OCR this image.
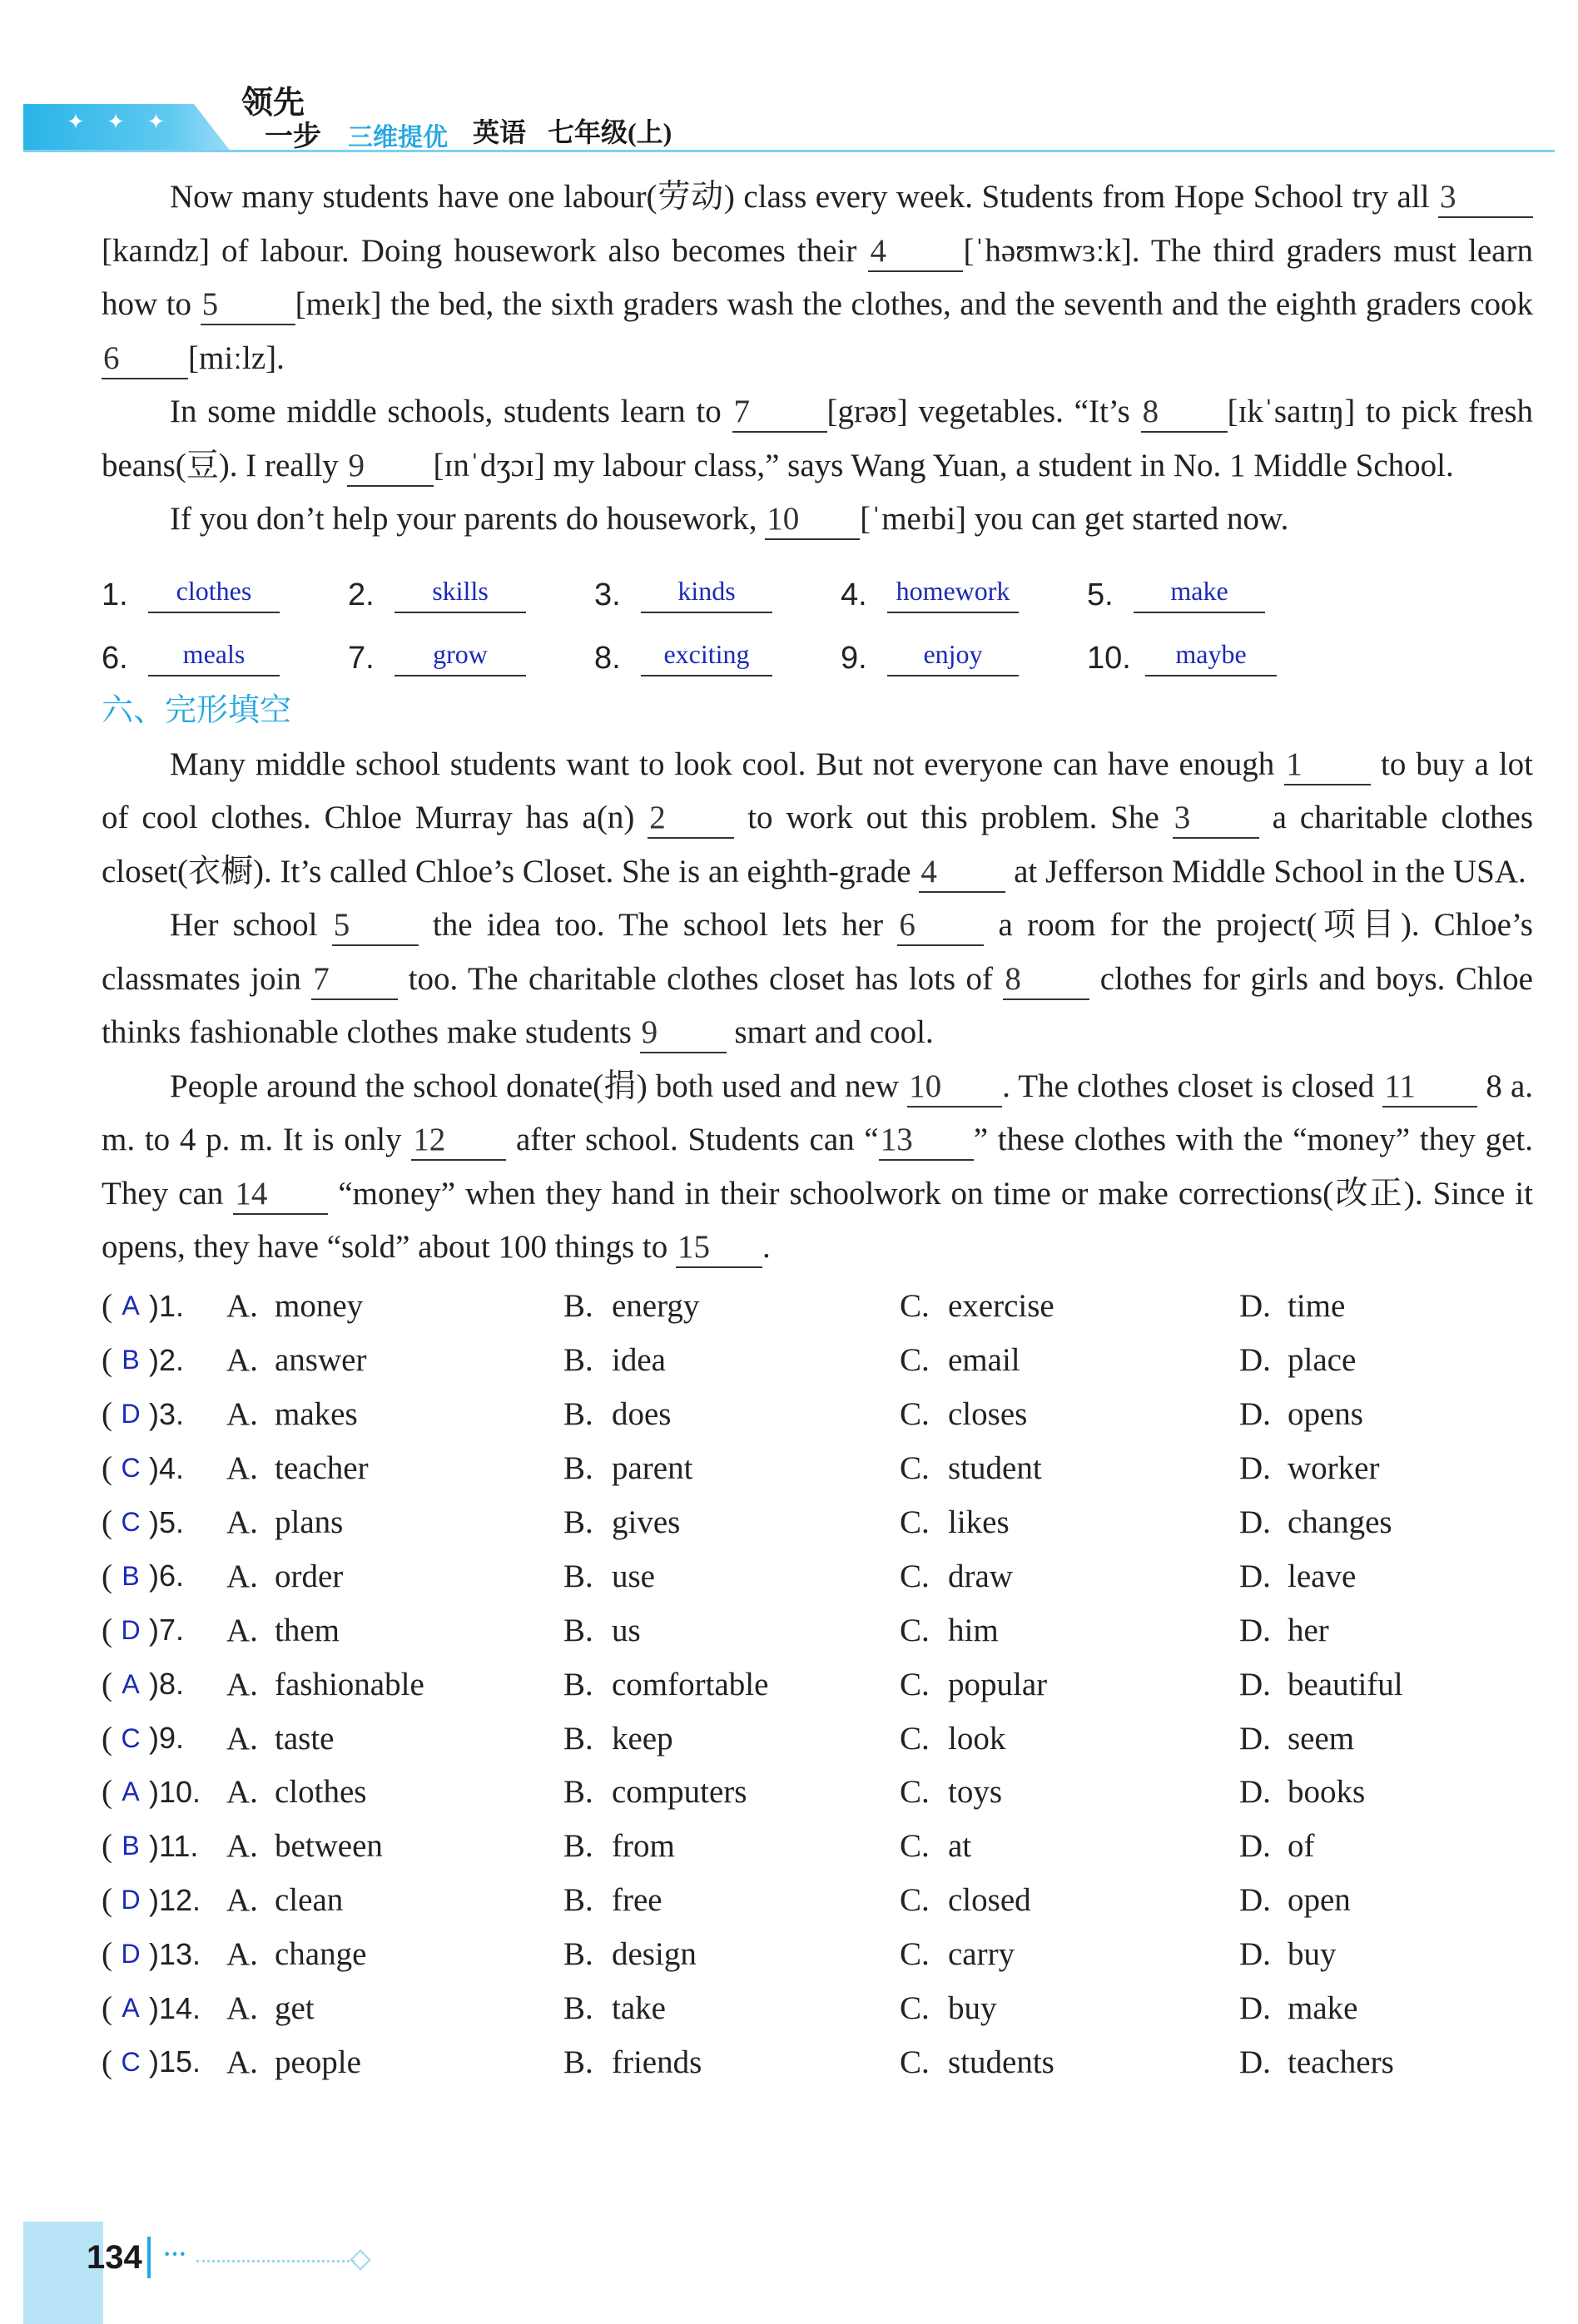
✦ ✦ ✦
领先
一步 三维提优 英语 七年级(上)

Now many students have one labour(劳动) class every week. Students from Hope School try all 3[kaɪndz] of labour. Doing housework also becomes their 4 [ˈhəʊmwɜːk]. The third graders must learn how to 5 [meɪk] the bed, the sixth graders wash the clothes, and the seventh and the eighth graders cook 6 [miːlz].

In some middle schools, students learn to 7 [grəʊ] vegetables. “It’s 8 [ɪkˈsaɪtɪŋ] to pick fresh beans(豆). I really 9 [ɪnˈdʒɔɪ] my labour class,” says Wang Yuan, a student in No. 1 Middle School.

If you don’t help your parents do housework, 10 [ˈmeɪbi] you can get started now.

1.	clothes	2.	skills	3.	kinds	4.	homework 5.	make
6.	meals	7.	grow	8.	exciting	9.	enjoy	10.	maybe
六、完形填空

Many middle school students want to look cool. But not everyone can have enough 1 to buy a lot of cool clothes. Chloe Murray has a(n) 2 to work out this problem. She 3 a charitable clothes closet(衣橱). It’s called Chloe’s Closet. She is an eighth-grade 4 at Jefferson Middle School in the USA.

Her school 5 the idea too. The school lets her 6 a room for the project(项目). Chloe’s classmates join 7 too. The charitable clothes closet has lots of 8 clothes for girls and boys. Chloe thinks fashionable clothes make students 9 smart and cool.

People around the school donate(捐) both used and new 10 . The clothes closet is closed 11 8 a. m. to 4 p. m. It is only 12 after school. Students can “13 ” these clothes with the “money” they get. They can 14 “money” when they hand in their schoolwork on time or make corrections(改正). Since it opens, they have “sold” about 100 things to 15 .

( A )1. A. money	B. energy	C. exercise	D. time
( B )2. A. answer	B. idea	C. email	D. place
( D )3. A. makes	B. does	C. closes	D. opens
( C )4. A. teacher	B. parent	C. student	D. worker
( C )5. A. plans	B. gives	C. likes	D. changes
( B )6. A. order	B. use	C. draw	D. leave
( D )7. A. them	B. us	C. him	D. her
( A )8. A. fashionable	B. comfortable	C. popular	D. beautiful
( C )9. A. taste	B. keep	C. look	D. seem
( A )10. A. clothes	B. computers	C. toys	D. books
( B )11. A. between	B. from	C. at	D. of
( D )12. A. clean	B. free	C. closed	D. open
( D )13. A. change	B. design	C. carry	D. buy
( A )14. A. get	B. take	C. buy	D. make
( C )15. A. people	B. friends	C. students	D. teachers
134 ···
